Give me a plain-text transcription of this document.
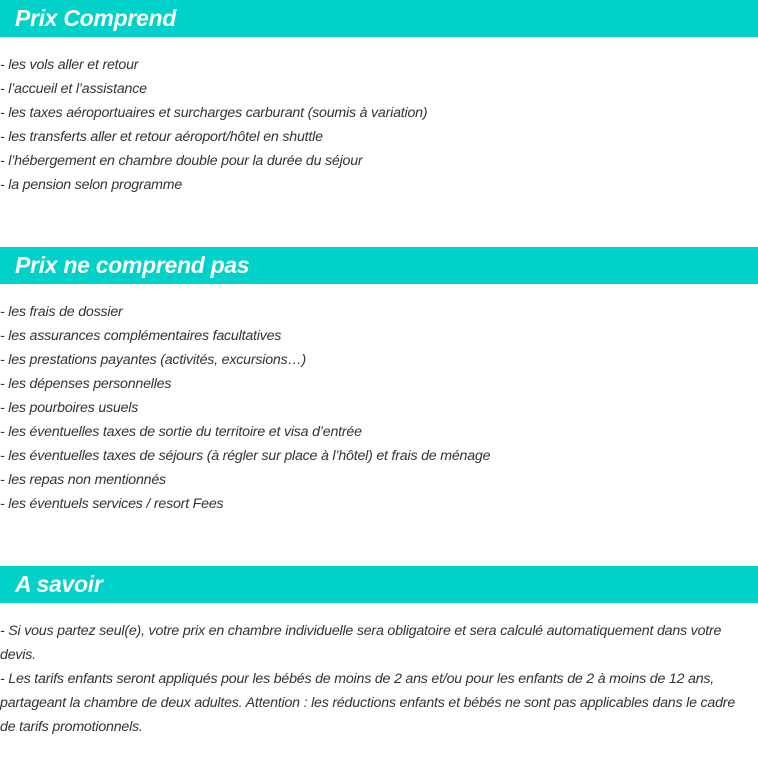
Prix Comprend
- les vols aller et retour
- l’accueil et l’assistance
- les taxes aéroportuaires et surcharges carburant (soumis à variation)
- les transferts aller et retour aéroport/hôtel en shuttle
- l’hébergement en chambre double pour la durée du séjour
- la pension selon programme
Prix ne comprend pas
- les frais de dossier
- les assurances complémentaires facultatives
- les prestations payantes (activités, excursions…)
- les dépenses personnelles
- les pourboires usuels
- les éventuelles taxes de sortie du territoire et visa d’entrée
- les éventuelles taxes de séjours (à régler sur place à l’hôtel) et frais de ménage
- les repas non mentionnés
- les éventuels services / resort Fees
A savoir

- Si vous partez seul(e), votre prix en chambre individuelle sera obligatoire et sera calculé automatiquement dans votre devis.

- Les tarifs enfants seront appliqués pour les bébés de moins de 2 ans et/ou pour les enfants de 2 à moins de 12 ans, partageant la chambre de deux adultes. Attention : les réductions enfants et bébés ne sont pas applicables dans le cadre de tarifs promotionnels.
